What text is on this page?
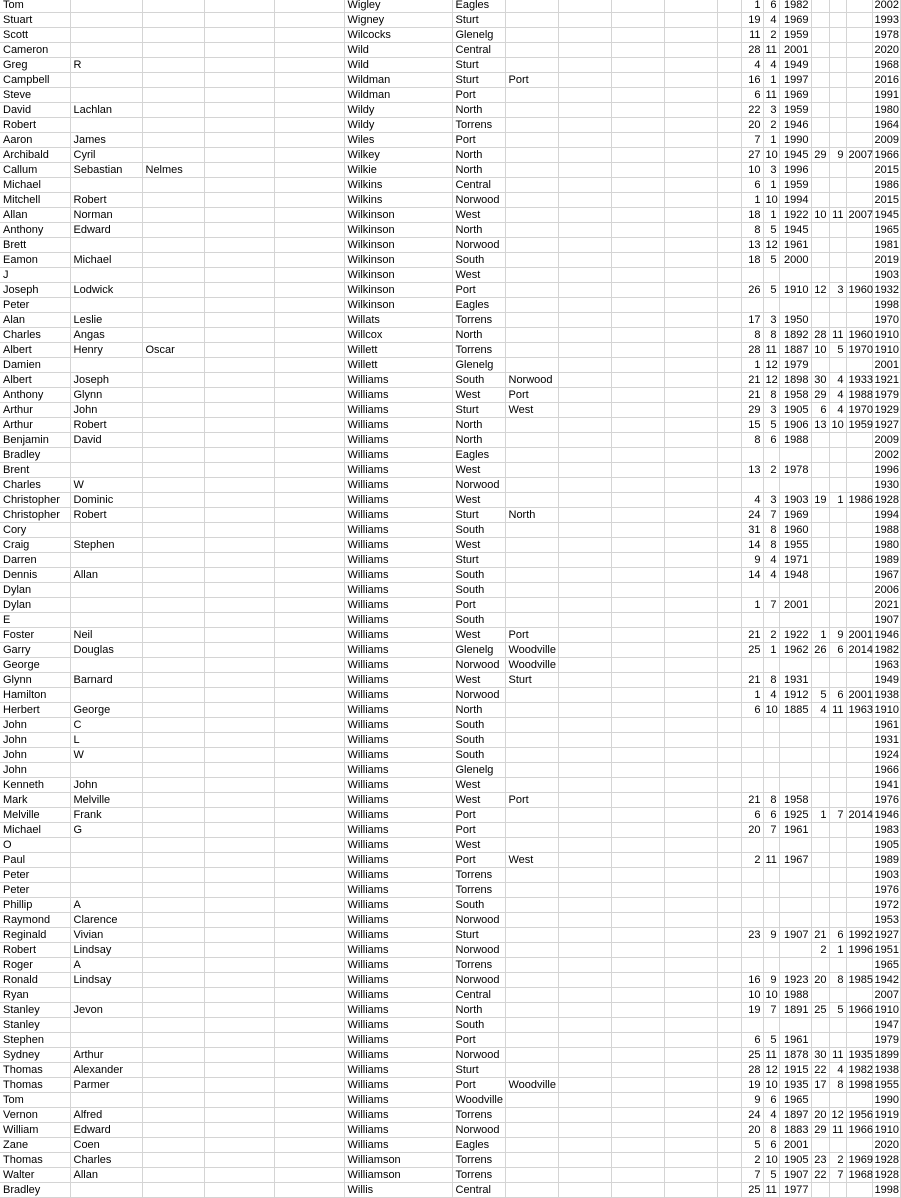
Tom					Wigley	Eagles						1	6	1982				2002
Stuart					Wigney	Sturt						19	4	1969				1993
Scott					Wilcocks	Glenelg						11	2	1959				1978
Cameron					Wild	Central						28	11	2001				2020
Greg	R				Wild	Sturt						4	4	1949				1968
Campbell					Wildman	Sturt	Port					16	1	1997				2016
Steve					Wildman	Port						6	11	1969				1991
David	Lachlan				Wildy	North						22	3	1959				1980
Robert					Wildy	Torrens						20	2	1946				1964
Aaron	James				Wiles	Port						7	1	1990				2009
Archibald	Cyril				Wilkey	North						27	10	1945	29	9	2007	1966
Callum	Sebastian	Nelmes			Wilkie	North						10	3	1996				2015
Michael					Wilkins	Central						6	1	1959				1986
Mitchell	Robert				Wilkins	Norwood						1	10	1994				2015
Allan	Norman				Wilkinson	West						18	1	1922	10	11	2007	1945
Anthony	Edward				Wilkinson	North						8	5	1945				1965
Brett					Wilkinson	Norwood						13	12	1961				1981
Eamon	Michael				Wilkinson	South						18	5	2000				2019
J					Wilkinson	West												1903
Joseph	Lodwick				Wilkinson	Port						26	5	1910	12	3	1960	1932
Peter					Wilkinson	Eagles												1998
Alan	Leslie				Willats	Torrens						17	3	1950				1970
Charles	Angas				Willcox	North						8	8	1892	28	11	1960	1910
Albert	Henry	Oscar			Willett	Torrens						28	11	1887	10	5	1970	1910
Damien					Willett	Glenelg						1	12	1979				2001
Albert	Joseph				Williams	South	Norwood					21	12	1898	30	4	1933	1921
Anthony	Glynn				Williams	West	Port					21	8	1958	29	4	1988	1979
Arthur	John				Williams	Sturt	West					29	3	1905	6	4	1970	1929
Arthur	Robert				Williams	North						15	5	1906	13	10	1959	1927
Benjamin	David				Williams	North						8	6	1988				2009
Bradley					Williams	Eagles												2002
Brent					Williams	West						13	2	1978				1996
Charles	W				Williams	Norwood												1930
Christopher	Dominic				Williams	West						4	3	1903	19	1	1986	1928
Christopher	Robert				Williams	Sturt	North					24	7	1969				1994
Cory					Williams	South						31	8	1960				1988
Craig	Stephen				Williams	West						14	8	1955				1980
Darren					Williams	Sturt						9	4	1971				1989
Dennis	Allan				Williams	South						14	4	1948				1967
Dylan					Williams	South												2006
Dylan					Williams	Port						1	7	2001				2021
E					Williams	South												1907
Foster	Neil				Williams	West	Port					21	2	1922	1	9	2001	1946
Garry	Douglas				Williams	Glenelg	Woodville					25	1	1962	26	6	2014	1982
George					Williams	Norwood	Woodville											1963
Glynn	Barnard				Williams	West	Sturt					21	8	1931				1949
Hamilton					Williams	Norwood						1	4	1912	5	6	2001	1938
Herbert	George				Williams	North						6	10	1885	4	11	1963	1910
John	C				Williams	South												1961
John	L				Williams	South												1931
John	W				Williams	South												1924
John					Williams	Glenelg												1966
Kenneth	John				Williams	West												1941
Mark	Melville				Williams	West	Port					21	8	1958				1976
Melville	Frank				Williams	Port						6	6	1925	1	7	2014	1946
Michael	G				Williams	Port						20	7	1961				1983
O					Williams	West												1905
Paul					Williams	Port	West					2	11	1967				1989
Peter					Williams	Torrens												1903
Peter					Williams	Torrens												1976
Phillip	A				Williams	South												1972
Raymond	Clarence				Williams	Norwood												1953
Reginald	Vivian				Williams	Sturt						23	9	1907	21	6	1992	1927
Robert	Lindsay				Williams	Norwood									2	1	1996	1951
Roger	A				Williams	Torrens												1965
Ronald	Lindsay				Williams	Norwood						16	9	1923	20	8	1985	1942
Ryan					Williams	Central						10	10	1988				2007
Stanley	Jevon				Williams	North						19	7	1891	25	5	1966	1910
Stanley					Williams	South												1947
Stephen					Williams	Port						6	5	1961				1979
Sydney	Arthur				Williams	Norwood						25	11	1878	30	11	1935	1899
Thomas	Alexander				Williams	Sturt						28	12	1915	22	4	1982	1938
Thomas	Parmer				Williams	Port	Woodville					19	10	1935	17	8	1998	1955
Tom					Williams	Woodville						9	6	1965				1990
Vernon	Alfred				Williams	Torrens						24	4	1897	20	12	1956	1919
William	Edward				Williams	Norwood						20	8	1883	29	11	1966	1910
Zane	Coen				Williams	Eagles						5	6	2001				2020
Thomas	Charles				Williamson	Torrens						2	10	1905	23	2	1969	1928
Walter	Allan				Williamson	Torrens						7	5	1907	22	7	1968	1928
Bradley					Willis	Central						25	11	1977				1998
